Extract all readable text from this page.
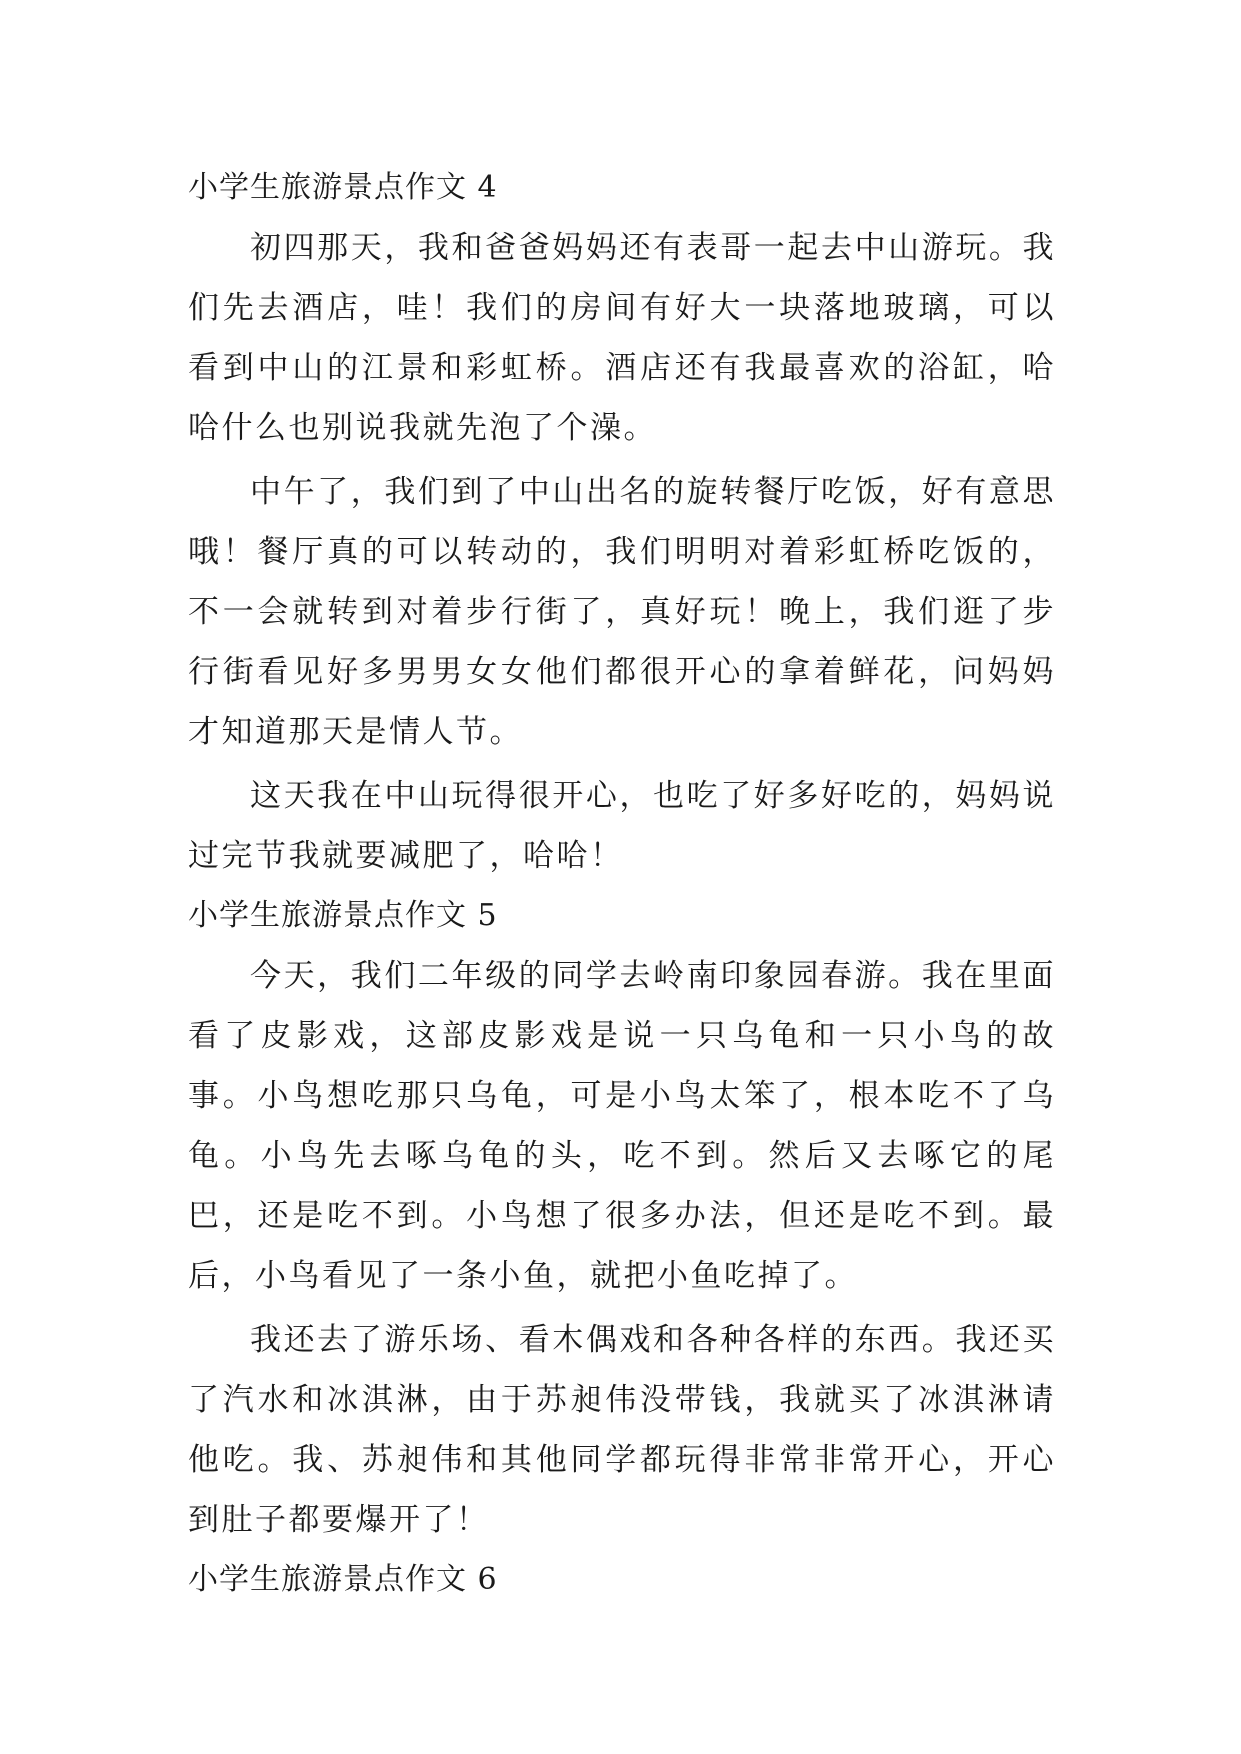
小学生旅游景点作文 4

初四那天，我和爸爸妈妈还有表哥一起去中山游玩。我们先去酒店，哇！我们的房间有好大一块落地玻璃，可以看到中山的江景和彩虹桥。酒店还有我最喜欢的浴缸，哈哈什么也别说我就先泡了个澡。

中午了，我们到了中山出名的旋转餐厅吃饭，好有意思哦！餐厅真的可以转动的，我们明明对着彩虹桥吃饭的，不一会就转到对着步行街了，真好玩！晚上，我们逛了步行街看见好多男男女女他们都很开心的拿着鲜花，问妈妈才知道那天是情人节。

这天我在中山玩得很开心，也吃了好多好吃的，妈妈说过完节我就要减肥了，哈哈！

小学生旅游景点作文 5

今天，我们二年级的同学去岭南印象园春游。我在里面看了皮影戏，这部皮影戏是说一只乌龟和一只小鸟的故事。小鸟想吃那只乌龟，可是小鸟太笨了，根本吃不了乌龟。小鸟先去啄乌龟的头，吃不到。然后又去啄它的尾巴，还是吃不到。小鸟想了很多办法，但还是吃不到。最后，小鸟看见了一条小鱼，就把小鱼吃掉了。

我还去了游乐场、看木偶戏和各种各样的东西。我还买了汽水和冰淇淋，由于苏昶伟没带钱，我就买了冰淇淋请他吃。我、苏昶伟和其他同学都玩得非常非常开心，开心到肚子都要爆开了！

小学生旅游景点作文 6
